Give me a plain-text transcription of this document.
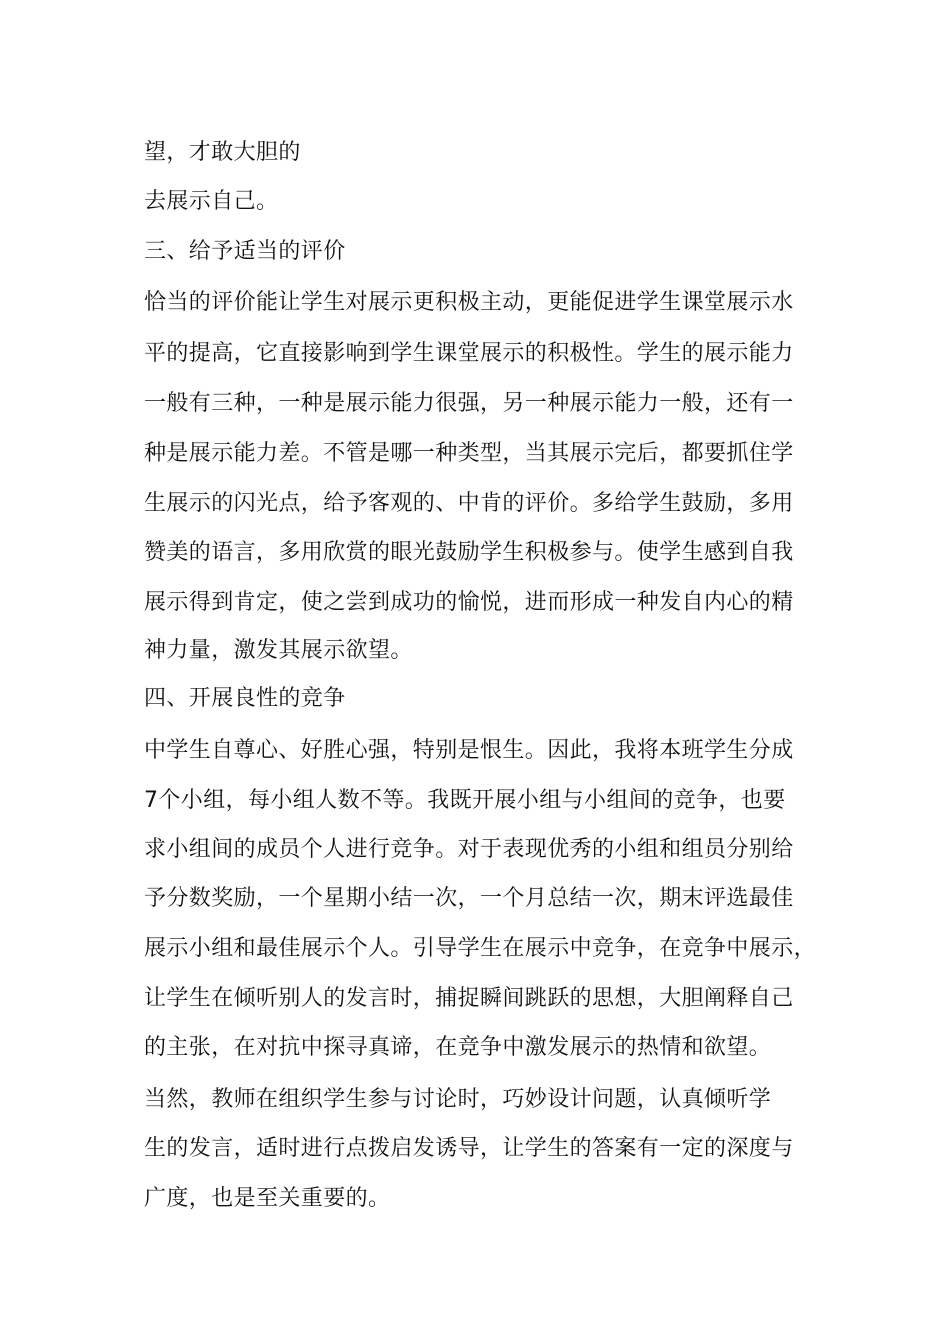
望，才敢大胆的
去展示自己。
三、给予适当的评价
恰当的评价能让学生对展示更积极主动，更能促进学生课堂展示水
平的提高，它直接影响到学生课堂展示的积极性。学生的展示能力
一般有三种，一种是展示能力很强，另一种展示能力一般，还有一
种是展示能力差。不管是哪一种类型，当其展示完后，都要抓住学
生展示的闪光点，给予客观的、中肯的评价。多给学生鼓励，多用
赞美的语言，多用欣赏的眼光鼓励学生积极参与。使学生感到自我
展示得到肯定，使之尝到成功的愉悦，进而形成一种发自内心的精
神力量，激发其展示欲望。
四、开展良性的竞争
中学生自尊心、好胜心强，特别是恨生。因此，我将本班学生分成
7个小组，每小组人数不等。我既开展小组与小组间的竞争，也要
求小组间的成员个人进行竞争。对于表现优秀的小组和组员分别给
予分数奖励，一个星期小结一次，一个月总结一次，期末评选最佳
展示小组和最佳展示个人。引导学生在展示中竞争，在竞争中展示，
让学生在倾听别人的发言时，捕捉瞬间跳跃的思想，大胆阐释自己
的主张，在对抗中探寻真谛，在竞争中激发展示的热情和欲望。
当然，教师在组织学生参与讨论时，巧妙设计问题，认真倾听学
生的发言，适时进行点拨启发诱导，让学生的答案有一定的深度与
广度，也是至关重要的。
